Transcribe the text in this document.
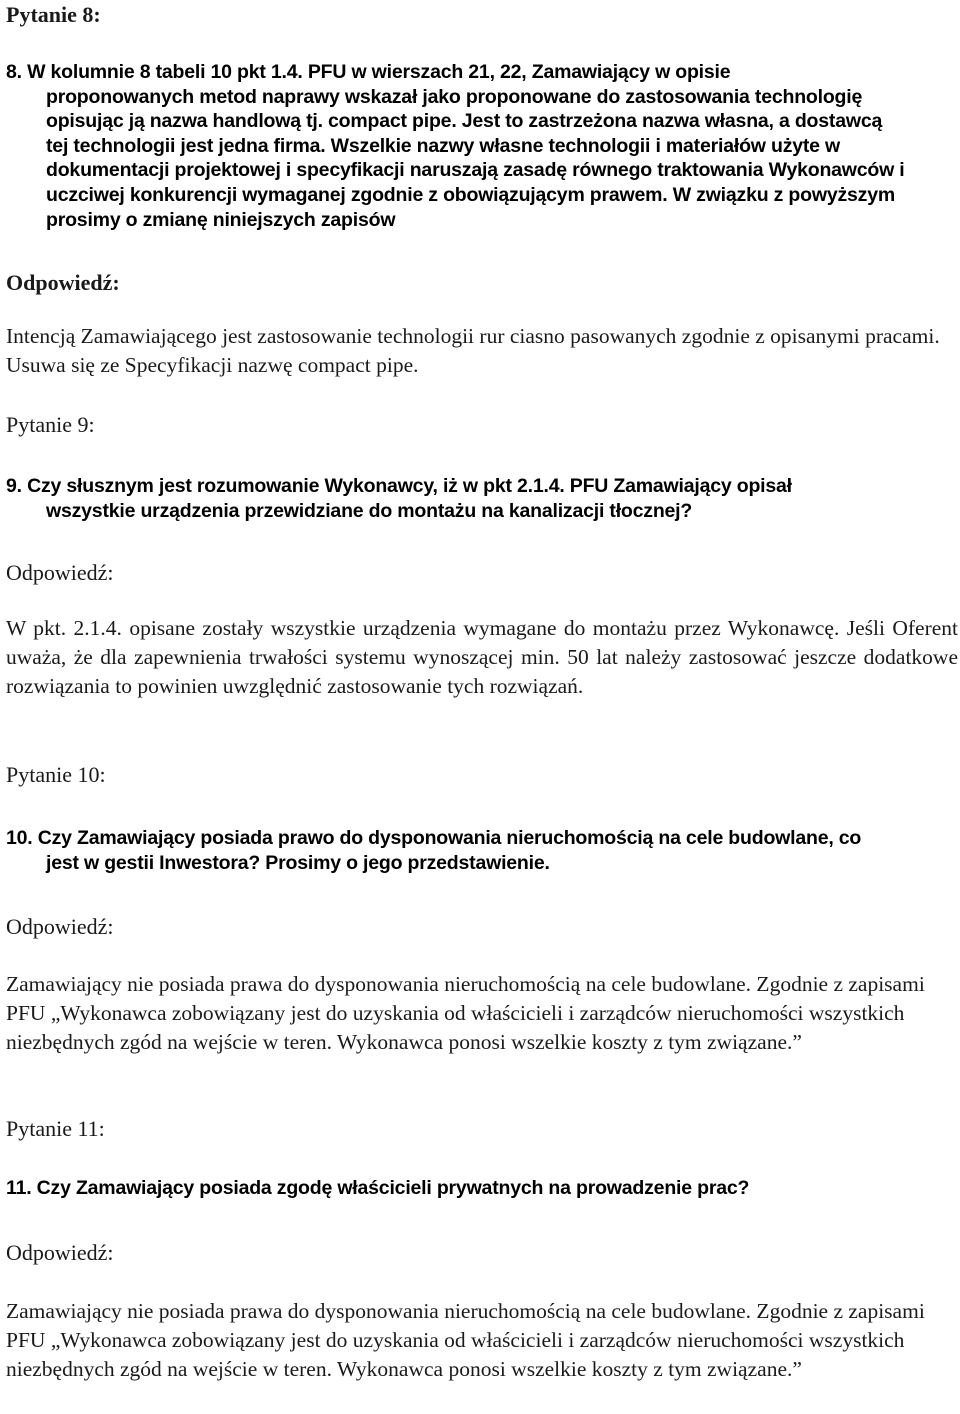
Pytanie 8:
8. W kolumnie 8 tabeli 10 pkt 1.4. PFU w wierszach 21, 22, Zamawiający w opisie
proponowanych metod naprawy wskazał jako proponowane do zastosowania technologię
opisując ją nazwa handlową tj. compact pipe. Jest to zastrzeżona nazwa własna, a dostawcą
tej technologii jest jedna firma. Wszelkie nazwy własne technologii i materiałów użyte w
dokumentacji projektowej i specyfikacji naruszają zasadę równego traktowania Wykonawców i
uczciwej konkurencji wymaganej zgodnie z obowiązującym prawem. W związku z powyższym
prosimy o zmianę niniejszych zapisów
Odpowiedź:
Intencją Zamawiającego jest zastosowanie technologii rur ciasno pasowanych zgodnie z opisanymi pracami. Usuwa się ze Specyfikacji nazwę compact pipe.
Pytanie 9:
9. Czy słusznym jest rozumowanie Wykonawcy, iż w pkt 2.1.4. PFU Zamawiający opisał
wszystkie urządzenia przewidziane do montażu na kanalizacji tłocznej?
Odpowiedź:
W pkt. 2.1.4. opisane zostały wszystkie urządzenia wymagane do montażu przez Wykonawcę. Jeśli Oferent uważa, że dla zapewnienia trwałości systemu wynoszącej min. 50 lat należy zastosować jeszcze dodatkowe rozwiązania to powinien uwzględnić zastosowanie tych rozwiązań.
Pytanie 10:
10. Czy Zamawiający posiada prawo do dysponowania nieruchomością na cele budowlane, co
jest w gestii Inwestora? Prosimy o jego przedstawienie.
Odpowiedź:
Zamawiający nie posiada prawa do dysponowania nieruchomością na cele budowlane. Zgodnie z zapisami PFU „Wykonawca zobowiązany jest do uzyskania od właścicieli i zarządców nieruchomości wszystkich niezbędnych zgód na wejście w teren. Wykonawca ponosi wszelkie koszty z tym związane.”
Pytanie 11:
11. Czy Zamawiający posiada zgodę właścicieli prywatnych na prowadzenie prac?
Odpowiedź:
Zamawiający nie posiada prawa do dysponowania nieruchomością na cele budowlane. Zgodnie z zapisami PFU „Wykonawca zobowiązany jest do uzyskania od właścicieli i zarządców nieruchomości wszystkich niezbędnych zgód na wejście w teren. Wykonawca ponosi wszelkie koszty z tym związane.”
